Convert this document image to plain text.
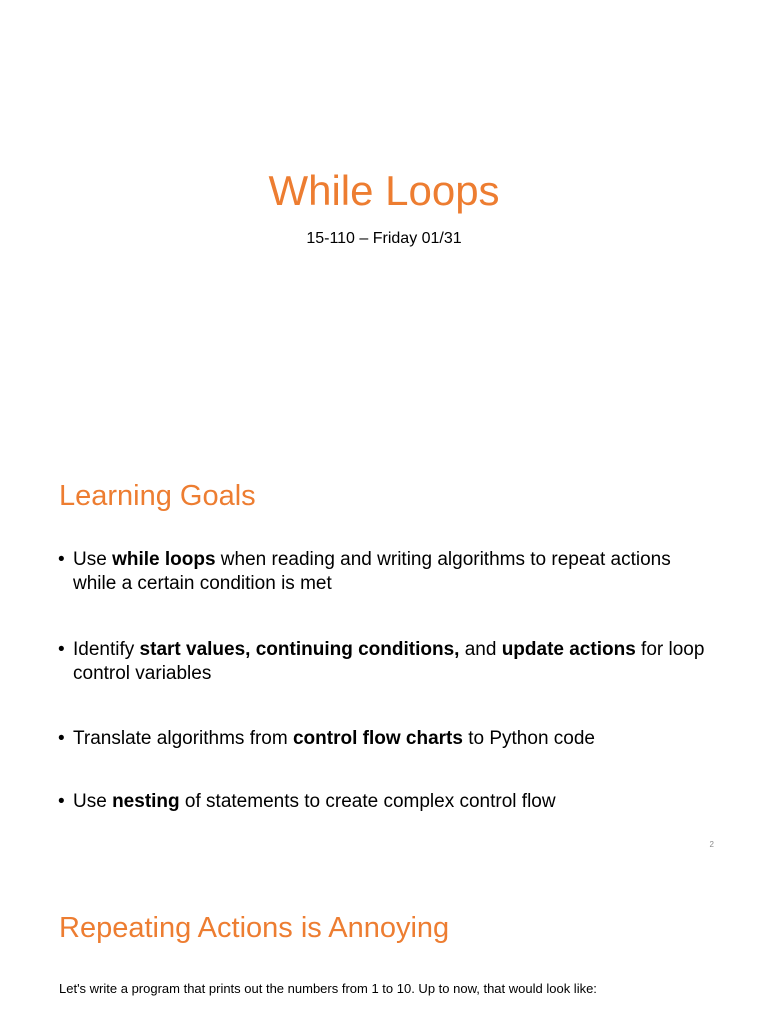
While Loops
15-110 – Friday 01/31
Learning Goals
• Use while loops when reading and writing algorithms to repeat actions while a certain condition is met
• Identify start values, continuing conditions, and update actions for loop control variables
• Translate algorithms from control flow charts to Python code
• Use nesting of statements to create complex control flow
2
Repeating Actions is Annoying
Let's write a program that prints out the numbers from 1 to 10. Up to now, that would look like:
